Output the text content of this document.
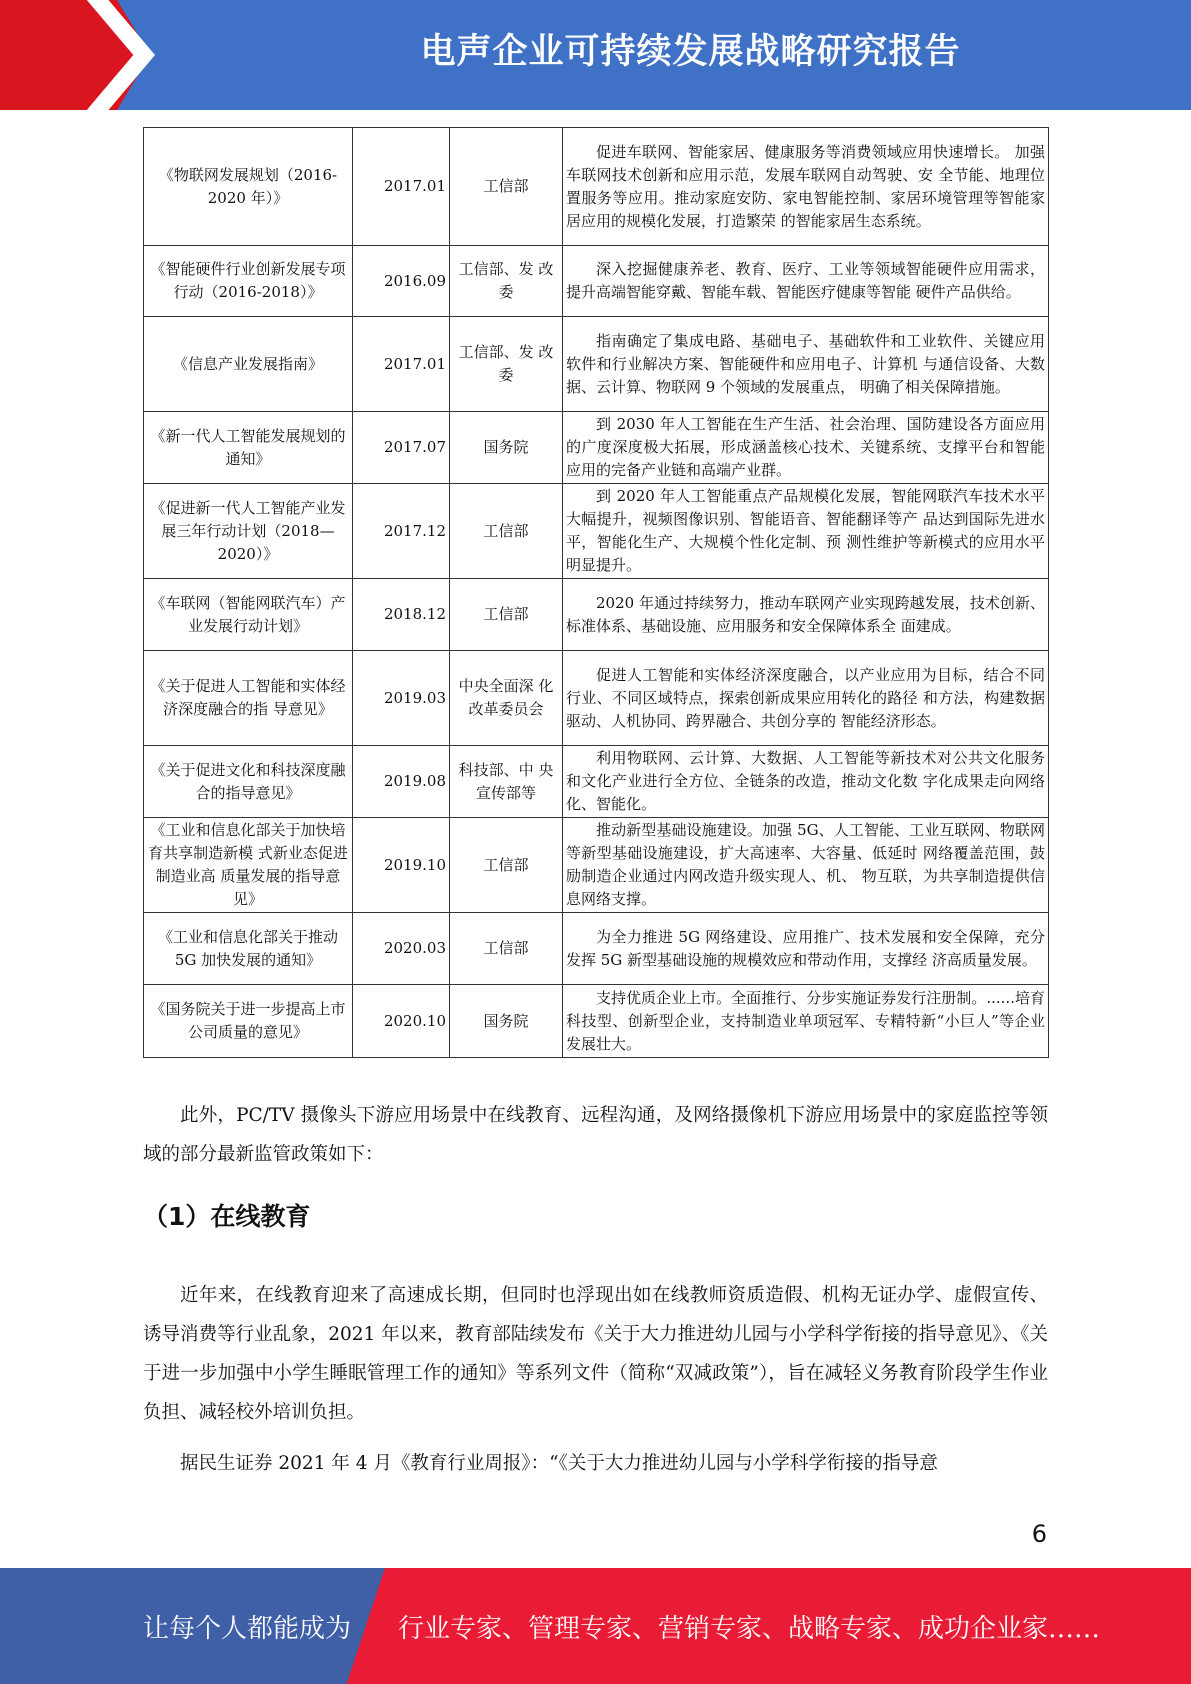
电声企业可持续发展战略研究报告
《物联网发展规划（2016-2020 年）》	2017.01	工信部	促进车联网、智能家居、健康服务等消费领域应用快速增长。 加强车联网技术创新和应用示范，发展车联网自动驾驶、安 全节能、地理位置服务等应用。推动家庭安防、家电智能控制、家居环境管理等智能家居应用的规模化发展，打造繁荣 的智能家居生态系统。

《智能硬件行业创新发展专项行动（2016-2018）》	2016.09	工信部、发 改委	深入挖掘健康养老、教育、医疗、工业等领域智能硬件应用需求，提升高端智能穿戴、智能车载、智能医疗健康等智能 硬件产品供给。

《信息产业发展指南》	2017.01	工信部、发 改委	指南确定了集成电路、基础电子、基础软件和工业软件、关键应用软件和行业解决方案、智能硬件和应用电子、计算机 与通信设备、大数据、云计算、物联网 9 个领域的发展重点， 明确了相关保障措施。

《新一代人工智能发展规划的通知》	2017.07	国务院	到 2030 年人工智能在生产生活、社会治理、国防建设各方面应用的广度深度极大拓展，形成涵盖核心技术、关键系统、支撑平台和智能应用的完备产业链和高端产业群。

《促进新一代人工智能产业发展三年行动计划（2018—2020）》	2017.12	工信部	到 2020 年人工智能重点产品规模化发展，智能网联汽车技术水平大幅提升，视频图像识别、智能语音、智能翻译等产 品达到国际先进水平，智能化生产、大规模个性化定制、预 测性维护等新模式的应用水平明显提升。

《车联网（智能网联汽车）产业发展行动计划》	2018.12	工信部	2020 年通过持续努力，推动车联网产业实现跨越发展，技术创新、标准体系、基础设施、应用服务和安全保障体系全 面建成。

《关于促进人工智能和实体经济深度融合的指 导意见》	2019.03	中央全面深 化改革委员会	促进人工智能和实体经济深度融合，以产业应用为目标，结合不同行业、不同区域特点，探索创新成果应用转化的路径 和方法，构建数据驱动、人机协同、跨界融合、共创分享的 智能经济形态。

《关于促进文化和科技深度融合的指导意见》	2019.08	科技部、中 央宣传部等	利用物联网、云计算、大数据、人工智能等新技术对公共文化服务和文化产业进行全方位、全链条的改造，推动文化数 字化成果走向网络化、智能化。

《工业和信息化部关于加快培育共享制造新模 式新业态促进制造业高 质量发展的指导意见》	2019.10	工信部	推动新型基础设施建设。加强 5G、人工智能、工业互联网、物联网等新型基础设施建设，扩大高速率、大容量、低延时 网络覆盖范围，鼓励制造企业通过内网改造升级实现人、机、 物互联，为共享制造提供信息网络支撑。

《工业和信息化部关于推动 5G 加快发展的通知》	2020.03	工信部	为全力推进 5G 网络建设、应用推广、技术发展和安全保障，充分发挥 5G 新型基础设施的规模效应和带动作用，支撑经 济高质量发展。

《国务院关于进一步提高上市公司质量的意见》	2020.10	国务院	支持优质企业上市。全面推行、分步实施证券发行注册制。......培育科技型、创新型企业，支持制造业单项冠军、专精特新“小巨人”等企业发展壮大。
此外，PC/TV 摄像头下游应用场景中在线教育、远程沟通，及网络摄像机下游应用场景中的家庭监控等领域的部分最新监管政策如下：
（1）在线教育
近年来，在线教育迎来了高速成长期，但同时也浮现出如在线教师资质造假、机构无证办学、虚假宣传、诱导消费等行业乱象，2021 年以来，教育部陆续发布《关于大力推进幼儿园与小学科学衔接的指导意见》、《关于进一步加强中小学生睡眠管理工作的通知》等系列文件（简称“双减政策”），旨在减轻义务教育阶段学生作业负担、减轻校外培训负担。
据民生证券 2021 年 4 月《教育行业周报》：“《关于大力推进幼儿园与小学科学衔接的指导意
6
让每个人都能成为 行业专家、管理专家、营销专家、战略专家、成功企业家……
